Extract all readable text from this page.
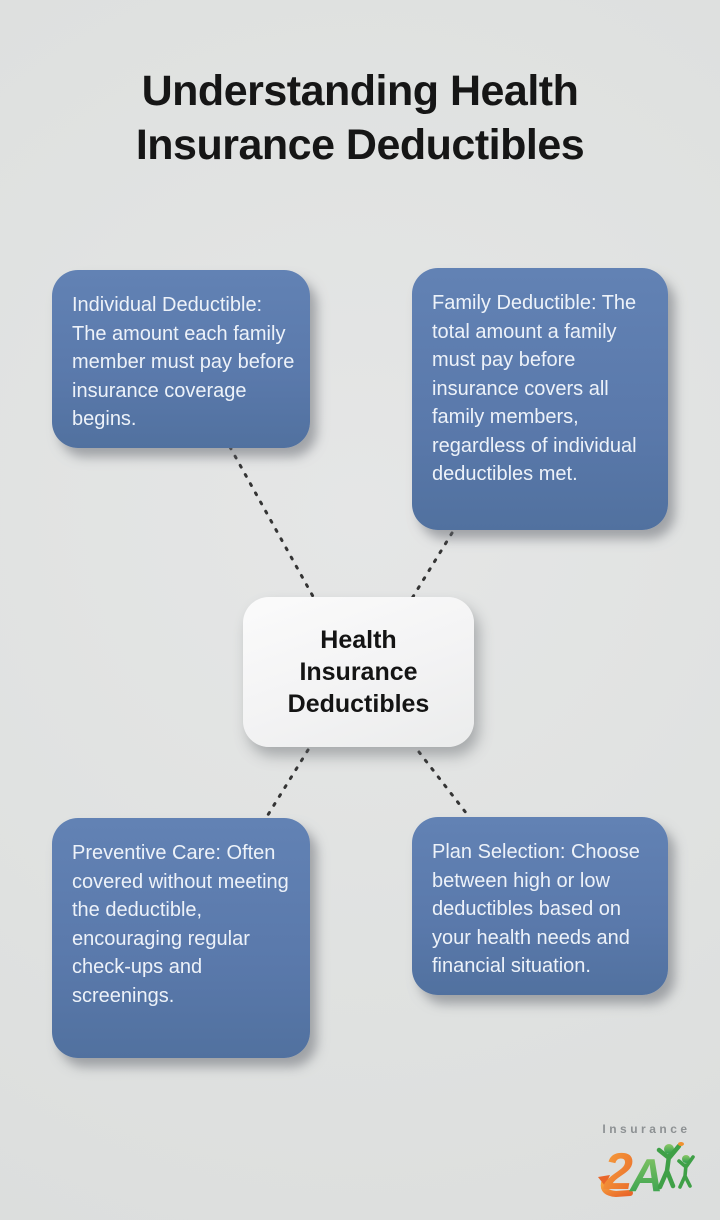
Understanding Health Insurance Deductibles

Individual Deductible: The amount each family member must pay before insurance coverage begins.

Family Deductible: The total amount a family must pay before insurance covers all family members, regardless of individual deductibles met.

Health Insurance Deductibles

Preventive Care: Often covered without meeting the deductible, encouraging regular check-ups and screenings.

Plan Selection: Choose between high or low deductibles based on your health needs and financial situation.

Insurance
2
A
